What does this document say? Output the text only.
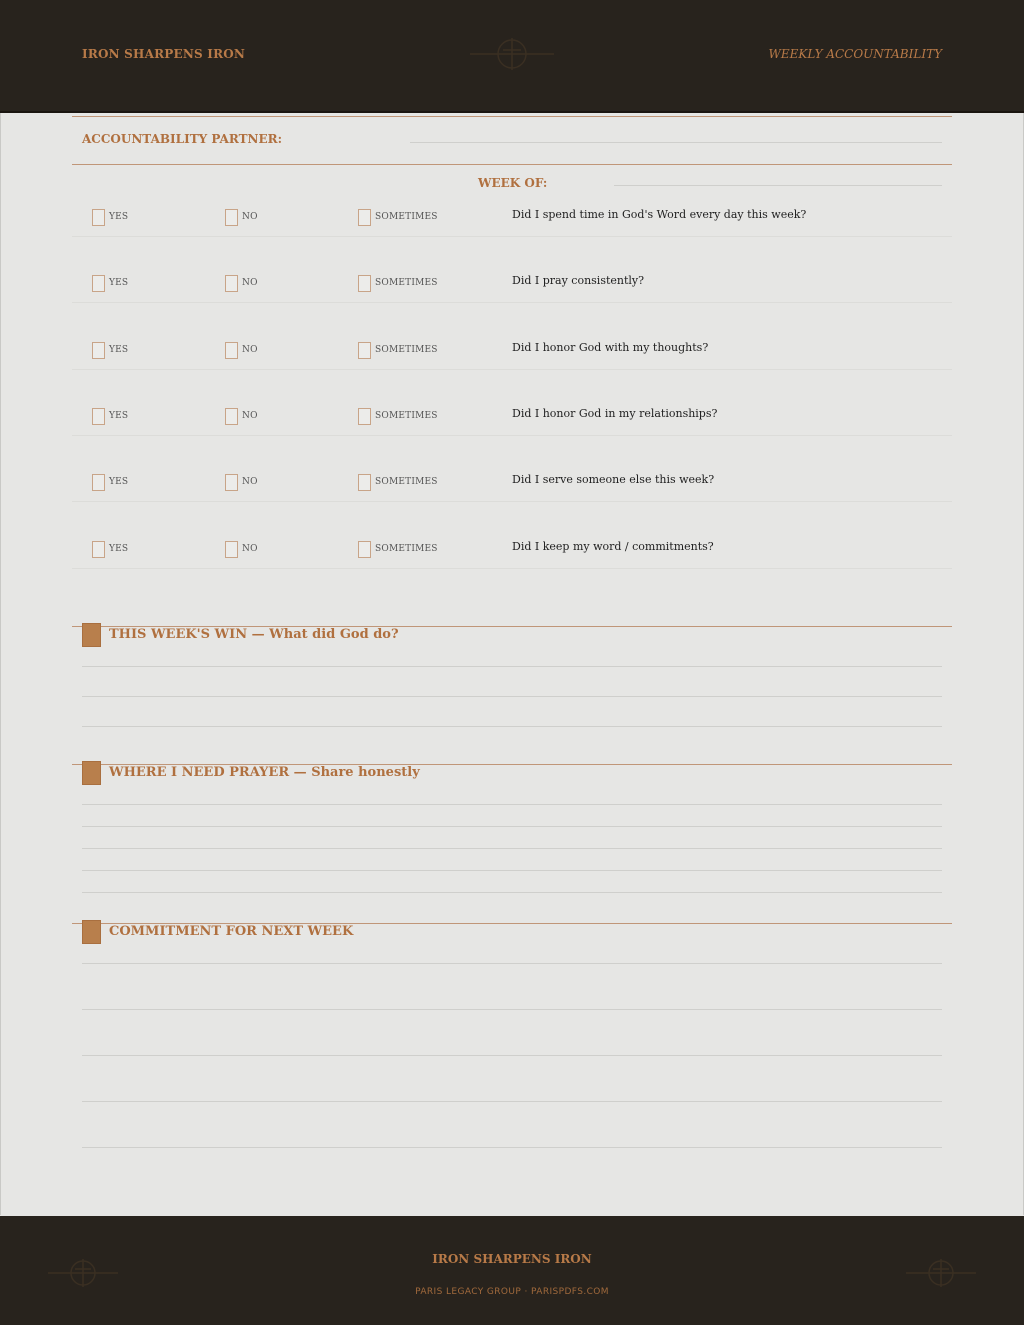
IRON SHARPENS IRON	WEEKLY ACCOUNTABILITY
ACCOUNTABILITY PARTNER:
WEEK OF:
YES	NO	SOMETIMES	Did I spend time in God's Word every day this week?
YES	NO	SOMETIMES	Did I pray consistently?
YES	NO	SOMETIMES	Did I honor God with my thoughts?
YES	NO	SOMETIMES	Did I honor God in my relationships?
YES	NO	SOMETIMES	Did I serve someone else this week?
YES	NO	SOMETIMES	Did I keep my word / commitments?
THIS WEEK'S WIN — What did God do?
WHERE I NEED PRAYER — Share honestly
COMMITMENT FOR NEXT WEEK
IRON SHARPENS IRON
PARIS LEGACY GROUP · PARISPDFS.COM
